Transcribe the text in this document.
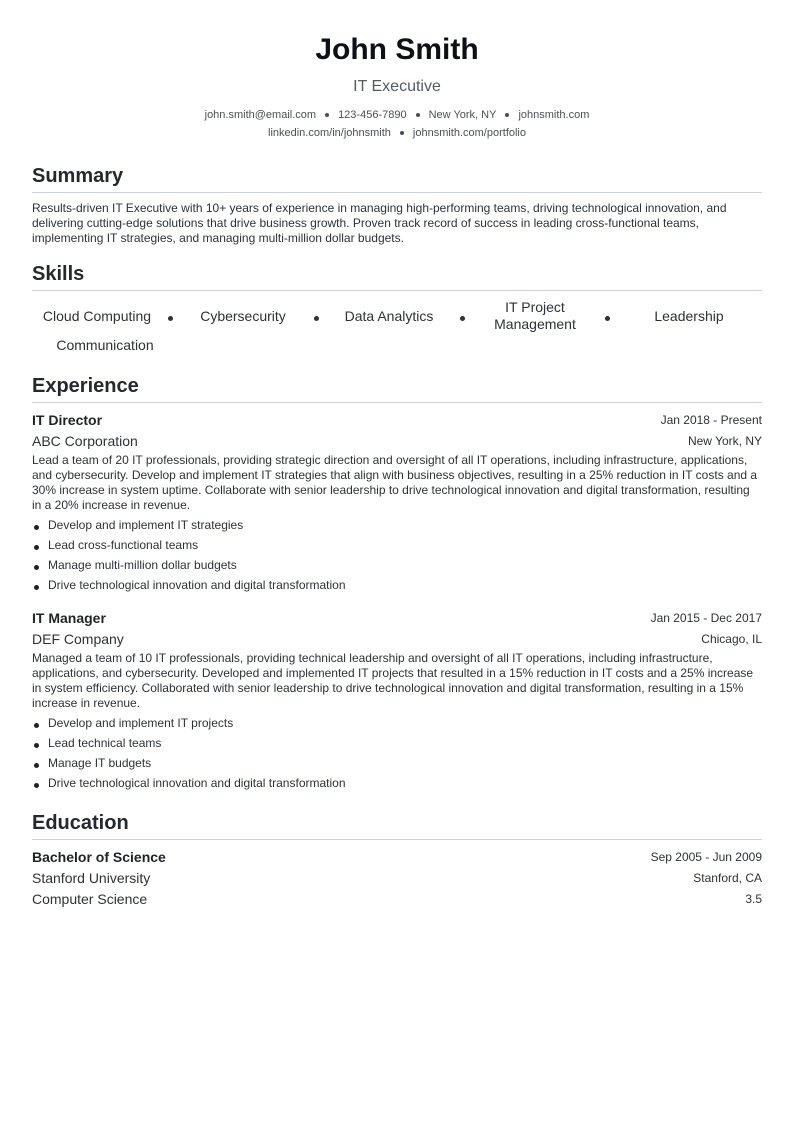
John Smith
IT Executive
john.smith@email.com 123-456-7890 New York, NY johnsmith.com
linkedin.com/in/johnsmith johnsmith.com/portfolio
Summary
Results-driven IT Executive with 10+ years of experience in managing high-performing teams, driving technological innovation, and delivering cutting-edge solutions that drive business growth. Proven track record of success in leading cross-functional teams, implementing IT strategies, and managing multi-million dollar budgets.
Skills
Cloud Computing	Cybersecurity	Data Analytics
IT Project Management	Leadership
Communication
Experience
IT Director	Jan 2018 - Present
ABC Corporation	New York, NY
Lead a team of 20 IT professionals, providing strategic direction and oversight of all IT operations, including infrastructure, applications, and cybersecurity. Develop and implement IT strategies that align with business objectives, resulting in a 25% reduction in IT costs and a 30% increase in system uptime. Collaborate with senior leadership to drive technological innovation and digital transformation, resulting in a 20% increase in revenue.
Develop and implement IT strategies
Lead cross-functional teams
Manage multi-million dollar budgets
Drive technological innovation and digital transformation
IT Manager	Jan 2015 - Dec 2017
DEF Company	Chicago, IL
Managed a team of 10 IT professionals, providing technical leadership and oversight of all IT operations, including infrastructure, applications, and cybersecurity. Developed and implemented IT projects that resulted in a 15% reduction in IT costs and a 25% increase in system efficiency. Collaborated with senior leadership to drive technological innovation and digital transformation, resulting in a 15% increase in revenue.
Develop and implement IT projects
Lead technical teams
Manage IT budgets
Drive technological innovation and digital transformation
Education
Bachelor of Science	Sep 2005 - Jun 2009
Stanford University	Stanford, CA
Computer Science	3.5
